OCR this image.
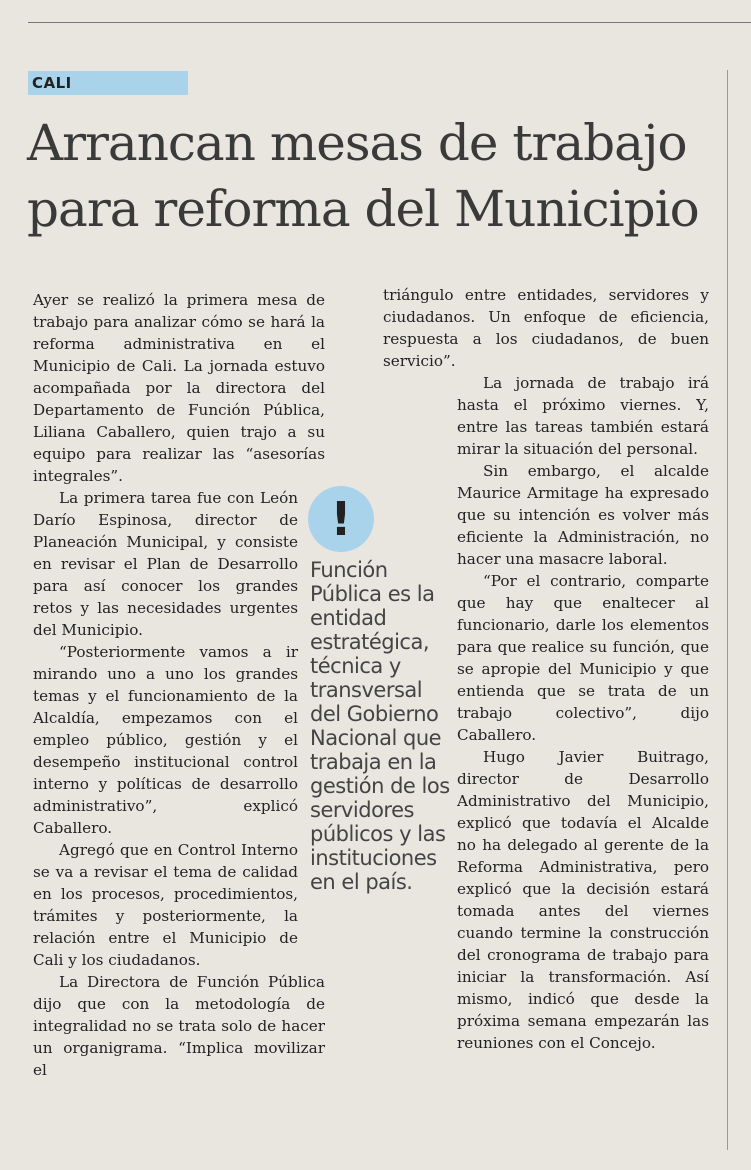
CALI
Arrancan mesas de trabajo para reforma del Municipio

Ayer se realizó la primera mesa de trabajo para analizar cómo se hará la reforma administrativa en el Municipio de Cali. La jornada estuvo acompañada por la directora del Departamento de Función Pública, Liliana Caballero, quien trajo a su equipo para realizar las “asesorías integrales”.

La primera tarea fue con León Darío Espinosa, director de Planeación Municipal, y consiste en revisar el Plan de Desarrollo para así conocer los grandes retos y las necesidades urgentes del Municipio.

“Posteriormente vamos a ir mirando uno a uno los grandes temas y el funcionamiento de la Alcaldía, empezamos con el empleo público, gestión y el desempeño institucional control interno y políticas de desarrollo administrativo”, explicó Caballero.

Agregó que en Control Interno se va a revisar el tema de calidad en los procesos, procedimientos, trámites y posteriormente, la relación entre el Municipio de Cali y los ciudadanos.

La Directora de Función Pública dijo que con la metodología de integralidad no se trata solo de hacer un organigrama. “Implica movilizar el

!
Función Pública es la entidad estratégica, técnica y transversal del Gobierno Nacional que trabaja en la gestión de los servidores públicos y las instituciones en el país.

triángulo entre entidades, servidores y ciudadanos. Un enfoque de eficiencia, respuesta a los ciudadanos, de buen servicio”.

La jornada de trabajo irá hasta el próximo viernes. Y, entre las tareas también estará mirar la situación del personal.

Sin embargo, el alcalde Maurice Armitage ha expresado que su intención es volver más eficiente la Administración, no hacer una masacre laboral.

“Por el contrario, comparte que hay que enaltecer al funcionario, darle los elementos para que realice su función, que se apropie del Municipio y que entienda que se trata de un trabajo colectivo”, dijo Caballero.

Hugo Javier Buitrago, director de Desarrollo Administrativo del Municipio, explicó que todavía el Alcalde no ha delegado al gerente de la Reforma Administrativa, pero explicó que la decisión estará tomada antes del viernes cuando termine la construcción del cronograma de trabajo para iniciar la transformación. Así mismo, indicó que desde la próxima semana empezarán las reuniones con el Concejo.
